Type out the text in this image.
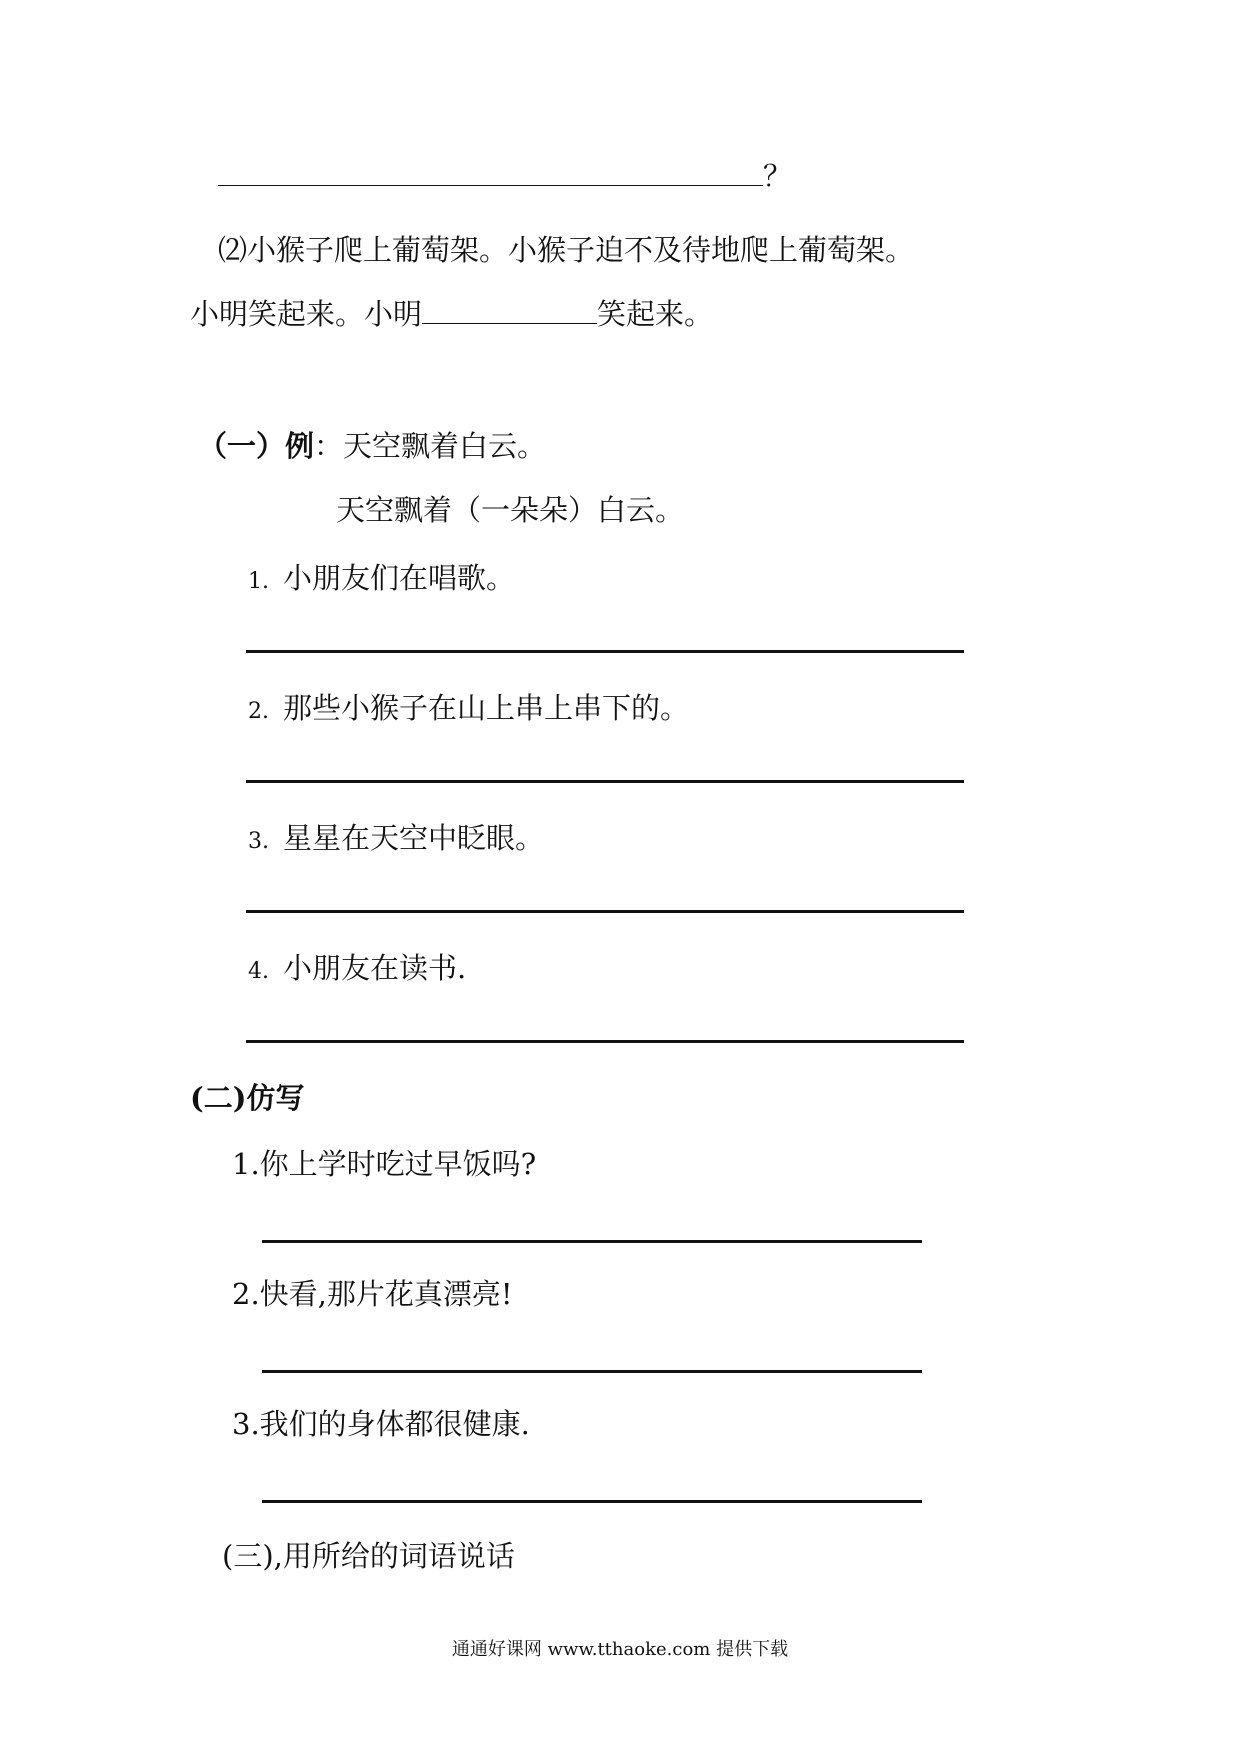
？
⑵小猴子爬上葡萄架。小猴子迫不及待地爬上葡萄架。
小明笑起来。小明	笑起来。
（一）例：天空飘着白云。
天空飘着（一朵朵）白云。
1. 小朋友们在唱歌。
2. 那些小猴子在山上串上串下的。
3. 星星在天空中眨眼。
4. 小朋友在读书.
(二)仿写
1.你上学时吃过早饭吗?
2.快看,那片花真漂亮!
3.我们的身体都很健康.
(三),用所给的词语说话
通通好课网 www.tthaoke.com 提供下载
